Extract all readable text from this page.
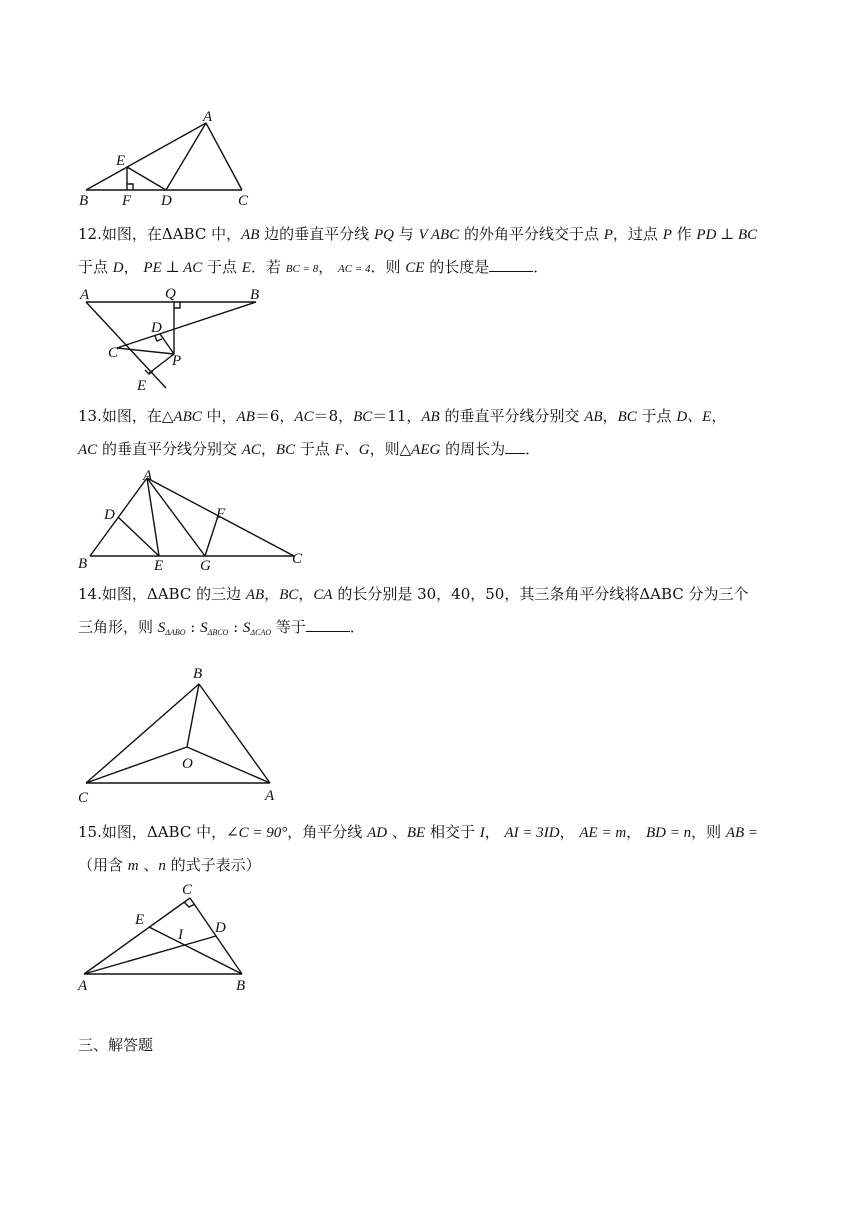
A
E
B F D	C

12.如图，在ΔABC 中，AB 边的垂直平分线 PQ 与 V ABC 的外角平分线交于点 P，过点 P 作 PD ⊥ BC

于点 D， PE ⊥ AC 于点 E．若 BC = 8， AC = 4．则 CE 的长度是	．

A	Q	B
D
C	P
E

13.如图，在△ABC 中，AB＝6，AC＝8，BC＝11，AB 的垂直平分线分别交 AB，BC 于点 D、E，

AC 的垂直平分线分别交 AC，BC 于点 F、G，则△AEG 的周长为 ．

A
D	F
B	E G	C

14.如图，ΔABC 的三边 AB，BC，CA 的长分别是 30，40，50，其三条角平分线将ΔABC 分为三个

三角形，则 $S_{\Delta ABO}$ : $S_{\Delta BCO}$ : $S_{\Delta CAO}$ 等于	．

B
O
C	A

15.如图，ΔABC 中，∠C = 90°，角平分线 AD 、BE 相交于 I， AI = 3ID， AE = m， BD = n，则 AB =

（用含 m 、n 的式子表示）

C
E	D
I
A	B
三、解答题
